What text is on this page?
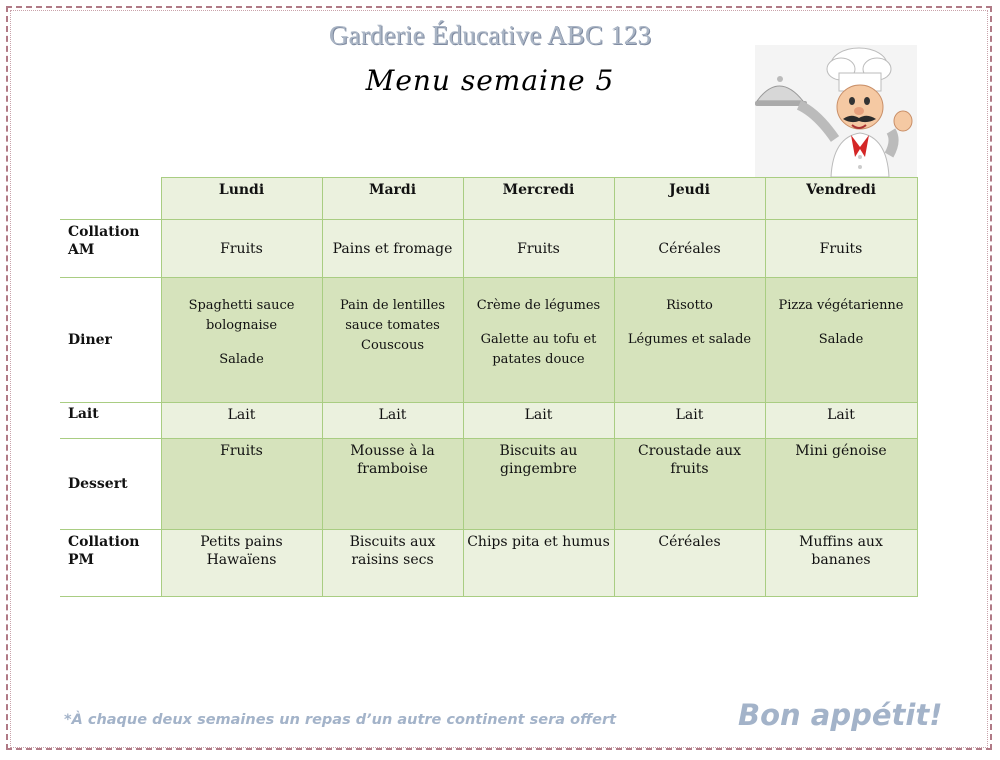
Garderie Éducative ABC 123
Menu semaine 5
	Lundi	Mardi	Mercredi	Jeudi	Vendredi

Collation
AM	Fruits	Pains et fromage	Fruits	Céréales	Fruits

Diner	Spaghetti sauce
bolognaise
Salade	Pain de lentilles
sauce tomates
Couscous	Crème de légumes
Galette au tofu et
patates douce	Risotto
Légumes et salade	Pizza végétarienne
Salade

Lait	Lait	Lait	Lait	Lait	Lait

Dessert	Fruits	Mousse à la
framboise	Biscuits au
gingembre	Croustade aux
fruits	Mini génoise

Collation
PM	Petits pains
Hawaïens	Biscuits aux
raisins secs	Chips pita et humus	Céréales	Muffins aux
bananes
*À chaque deux semaines un repas d’un autre continent sera offert	Bon appétit!
